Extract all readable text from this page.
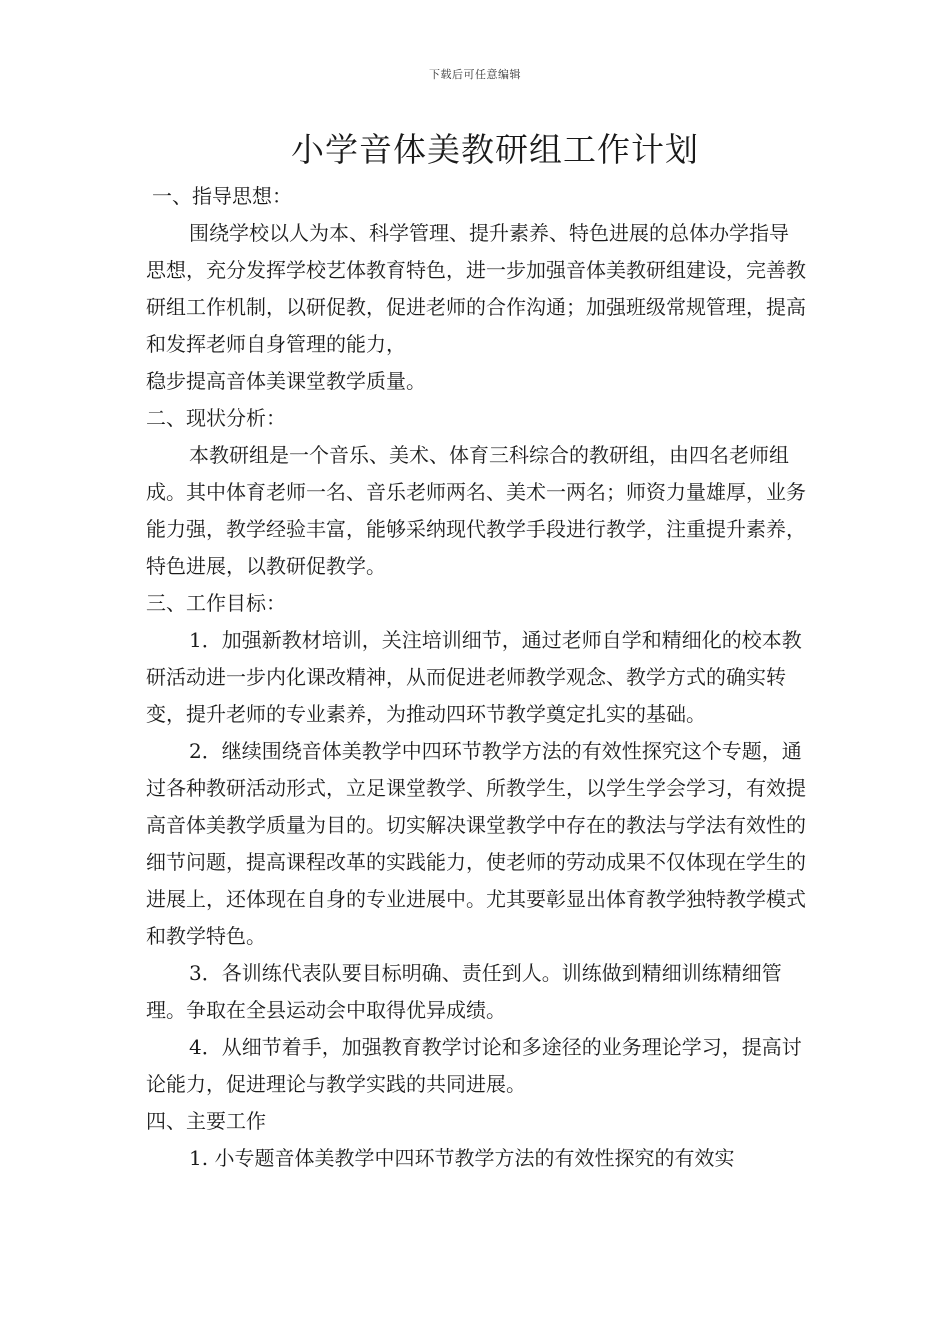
下载后可任意编辑
小学音体美教研组工作计划

一、指导思想：

围绕学校以人为本、科学管理、提升素养、特色进展的总体办学指导思想，充分发挥学校艺体教育特色，进一步加强音体美教研组建设，完善教研组工作机制，以研促教，促进老师的合作沟通；加强班级常规管理，提高和发挥老师自身管理的能力，

稳步提高音体美课堂教学质量。

二、现状分析：

本教研组是一个音乐、美术、体育三科综合的教研组，由四名老师组成。其中体育老师一名、音乐老师两名、美术一两名；师资力量雄厚，业务能力强，教学经验丰富，能够采纳现代教学手段进行教学，注重提升素养，特色进展，以教研促教学。

三、工作目标：

1．加强新教材培训，关注培训细节，通过老师自学和精细化的校本教研活动进一步内化课改精神，从而促进老师教学观念、教学方式的确实转变，提升老师的专业素养，为推动四环节教学奠定扎实的基础。

2．继续围绕音体美教学中四环节教学方法的有效性探究这个专题，通过各种教研活动形式，立足课堂教学、所教学生，以学生学会学习，有效提高音体美教学质量为目的。切实解决课堂教学中存在的教法与学法有效性的细节问题，提高课程改革的实践能力，使老师的劳动成果不仅体现在学生的进展上，还体现在自身的专业进展中。尤其要彰显出体育教学独特教学模式和教学特色。

3．各训练代表队要目标明确、责任到人。训练做到精细训练精细管理。争取在全县运动会中取得优异成绩。

4．从细节着手，加强教育教学讨论和多途径的业务理论学习，提高讨论能力，促进理论与教学实践的共同进展。

四、主要工作

1. 小专题音体美教学中四环节教学方法的有效性探究的有效实
